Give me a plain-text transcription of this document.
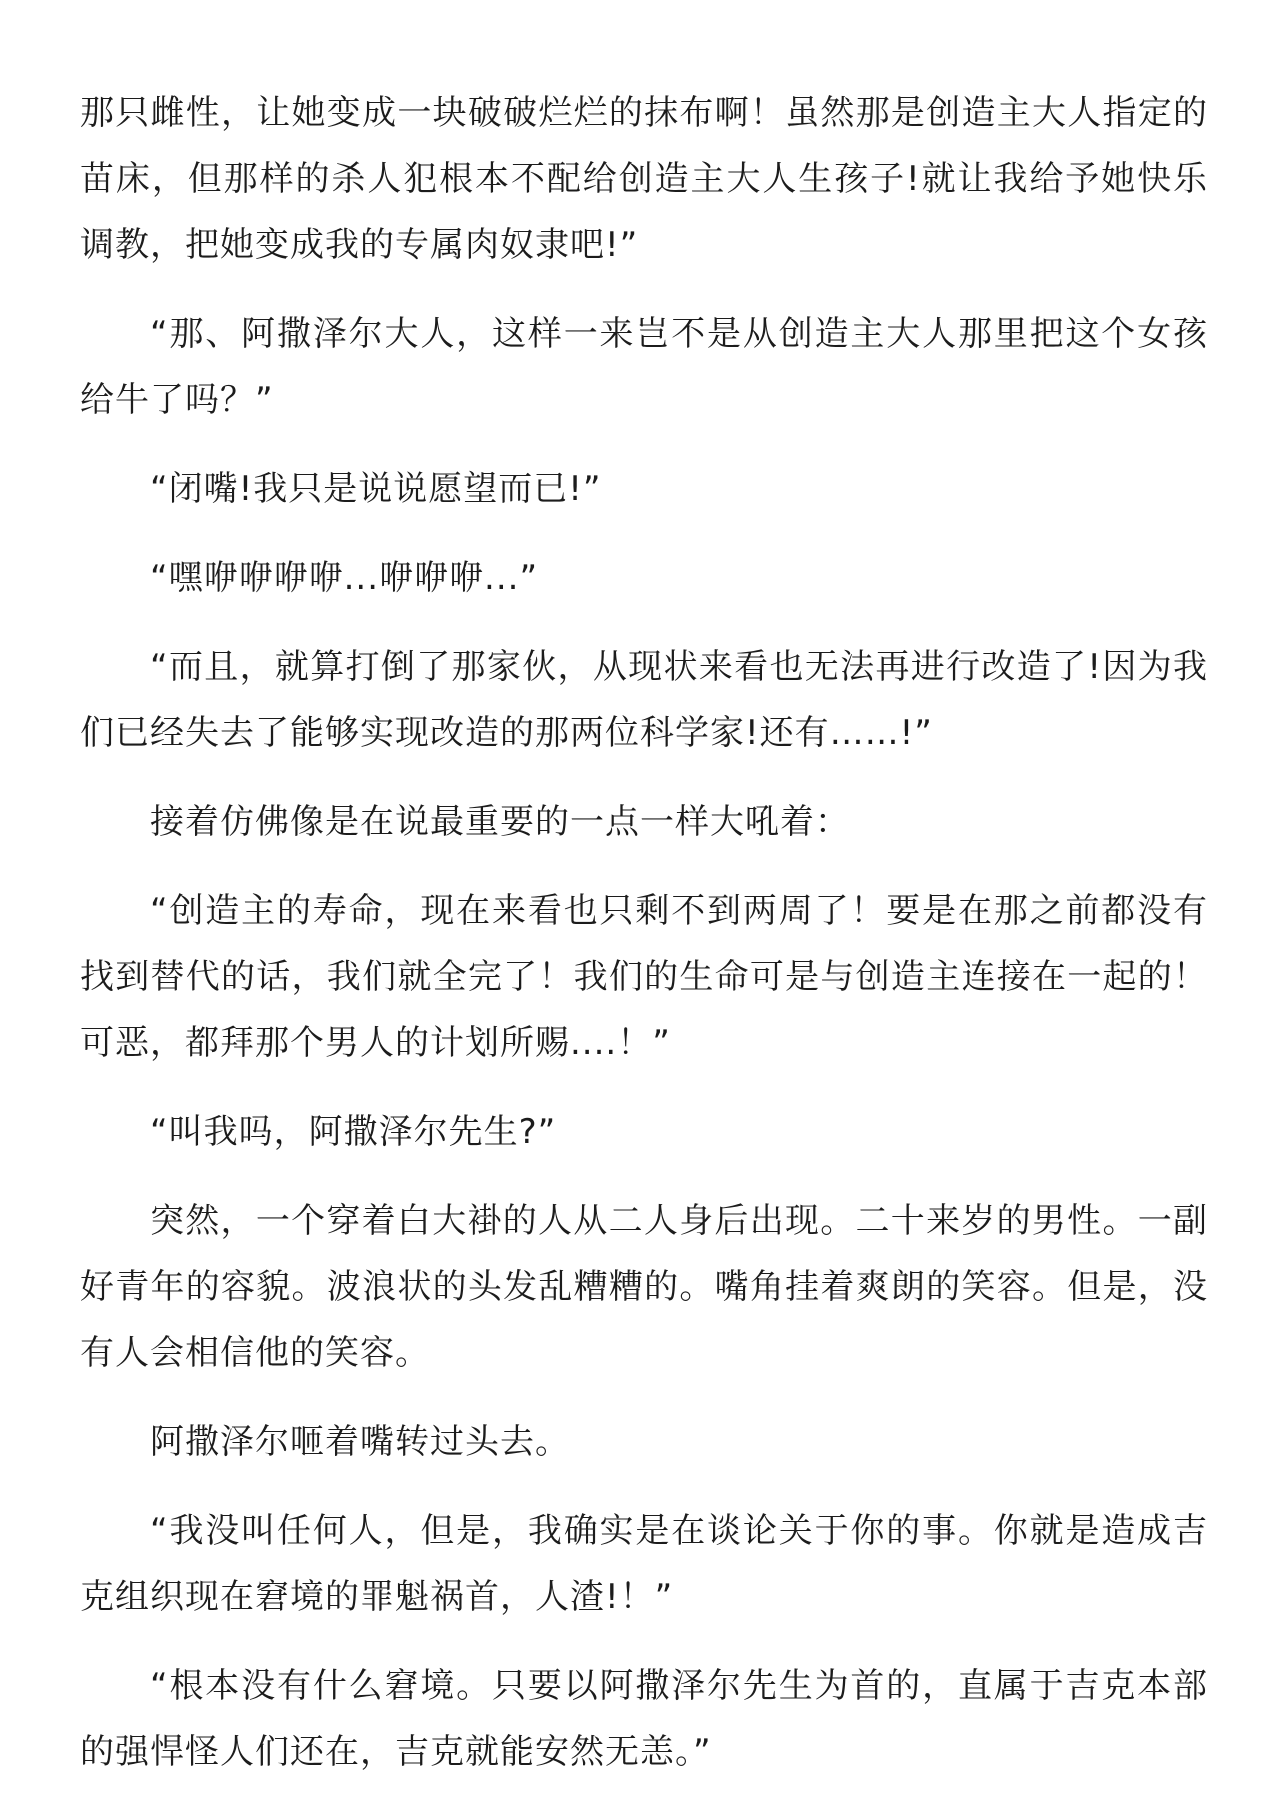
那只雌性，让她变成一块破破烂烂的抹布啊！虽然那是创造主大人指定的苗床，但那样的杀人犯根本不配给创造主大人生孩子!就让我给予她快乐调教，把她变成我的专属肉奴隶吧!”

“那、阿撒泽尔大人，这样一来岂不是从创造主大人那里把这个女孩给牛了吗？”

“闭嘴!我只是说说愿望而已!”

“嘿咿咿咿咿...咿咿咿...”

“而且，就算打倒了那家伙，从现状来看也无法再进行改造了!因为我们已经失去了能够实现改造的那两位科学家!还有……!”

接着仿佛像是在说最重要的一点一样大吼着：

“创造主的寿命，现在来看也只剩不到两周了！要是在那之前都没有找到替代的话，我们就全完了！我们的生命可是与创造主连接在一起的！可恶，都拜那个男人的计划所赐....！”

“叫我吗，阿撒泽尔先生?”

突然，一个穿着白大褂的人从二人身后出现。二十来岁的男性。一副好青年的容貌。波浪状的头发乱糟糟的。嘴角挂着爽朗的笑容。但是，没有人会相信他的笑容。

阿撒泽尔咂着嘴转过头去。

“我没叫任何人，但是，我确实是在谈论关于你的事。你就是造成吉克组织现在窘境的罪魁祸首，人渣!！”

“根本没有什么窘境。只要以阿撒泽尔先生为首的，直属于吉克本部的强悍怪人们还在，吉克就能安然无恙。”
